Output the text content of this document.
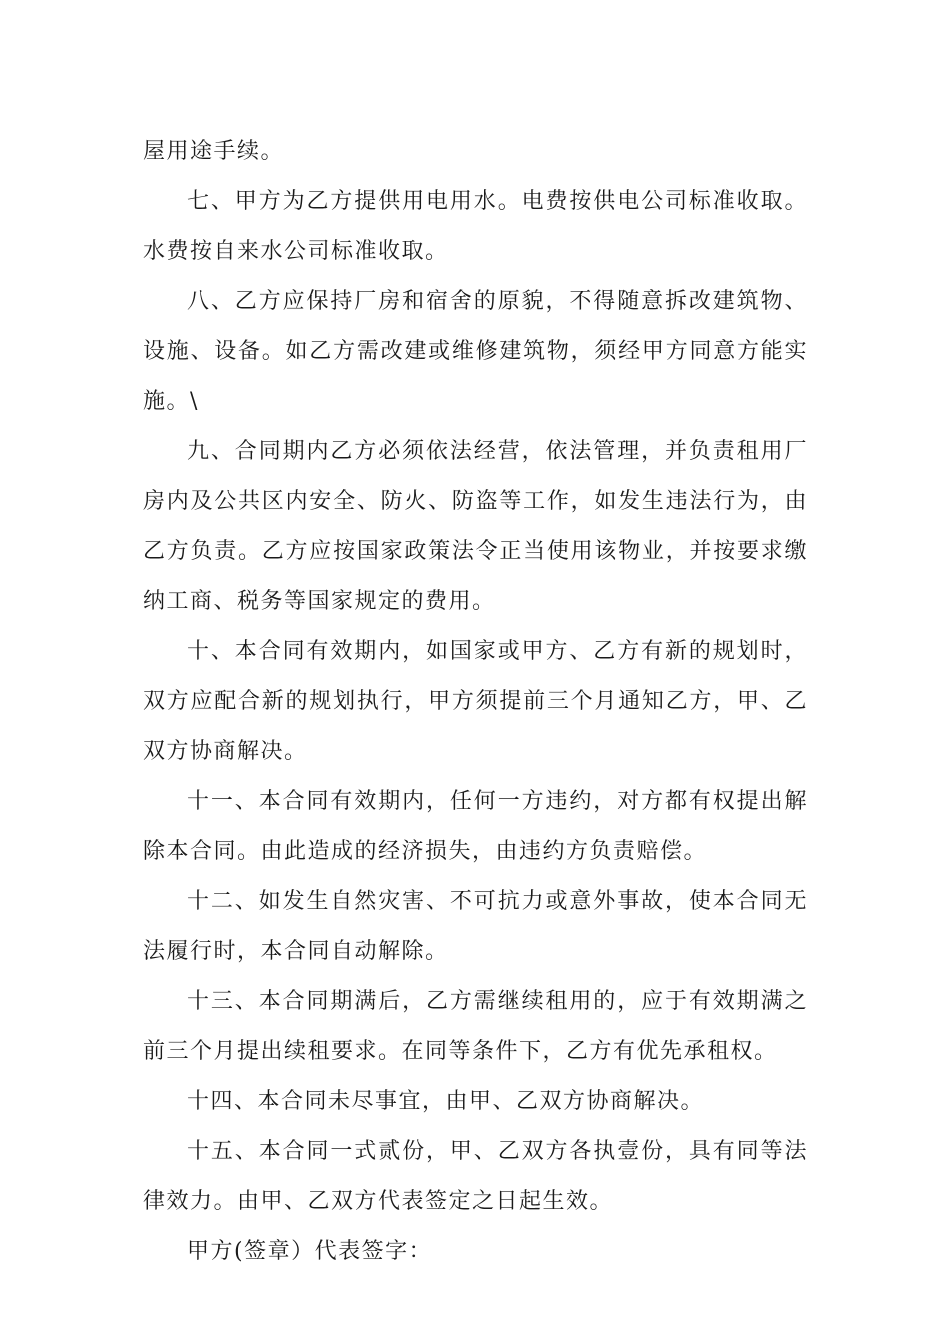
屋用途手续。

七、甲方为乙方提供用电用水。电费按供电公司标准收取。水费按自来水公司标准收取。

八、乙方应保持厂房和宿舍的原貌，不得随意拆改建筑物、设施、设备。如乙方需改建或维修建筑物，须经甲方同意方能实施。\

九、合同期内乙方必须依法经营，依法管理，并负责租用厂房内及公共区内安全、防火、防盗等工作，如发生违法行为，由乙方负责。乙方应按国家政策法令正当使用该物业，并按要求缴纳工商、税务等国家规定的费用。

十、本合同有效期内，如国家或甲方、乙方有新的规划时，双方应配合新的规划执行，甲方须提前三个月通知乙方，甲、乙双方协商解决。

十一、本合同有效期内，任何一方违约，对方都有权提出解除本合同。由此造成的经济损失，由违约方负责赔偿。

十二、如发生自然灾害、不可抗力或意外事故，使本合同无法履行时，本合同自动解除。

十三、本合同期满后，乙方需继续租用的，应于有效期满之前三个月提出续租要求。在同等条件下，乙方有优先承租权。

十四、本合同未尽事宜，由甲、乙双方协商解决。

十五、本合同一式贰份，甲、乙双方各执壹份，具有同等法律效力。由甲、乙双方代表签定之日起生效。

甲方(签章）代表签字：
